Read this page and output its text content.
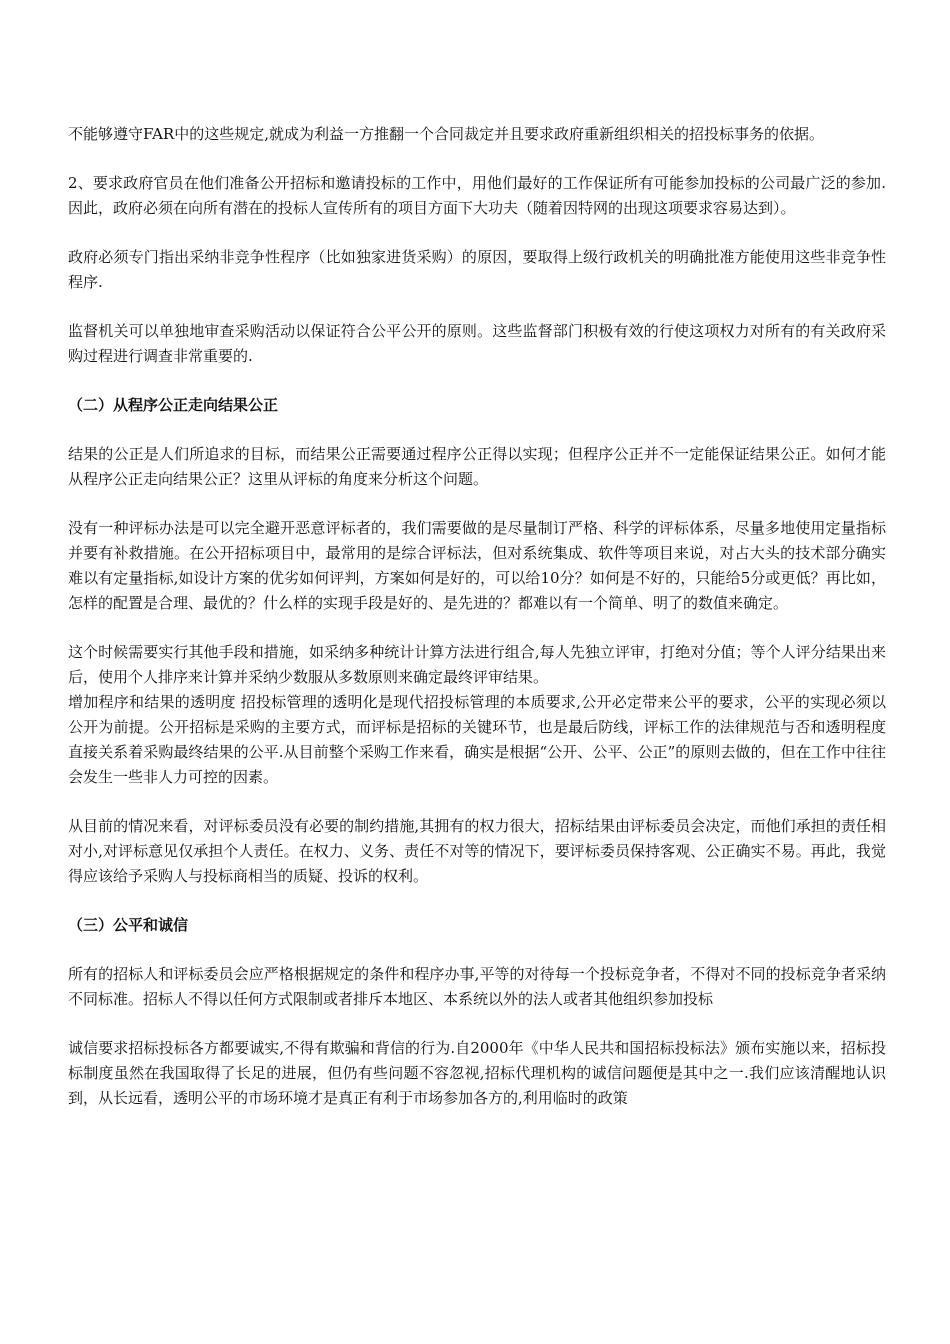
不能够遵守FAR中的这些规定,就成为利益一方推翻一个合同裁定并且要求政府重新组织相关的招投标事务的依据。

2、要求政府官员在他们准备公开招标和邀请投标的工作中，用他们最好的工作保证所有可能参加投标的公司最广泛的参加.因此，政府必须在向所有潜在的投标人宣传所有的项目方面下大功夫（随着因特网的出现这项要求容易达到）。

政府必须专门指出采纳非竞争性程序（比如独家进货采购）的原因，要取得上级行政机关的明确批准方能使用这些非竞争性程序.

监督机关可以单独地审查采购活动以保证符合公平公开的原则。这些监督部门积极有效的行使这项权力对所有的有关政府采购过程进行调查非常重要的.

（二）从程序公正走向结果公正

结果的公正是人们所追求的目标，而结果公正需要通过程序公正得以实现；但程序公正并不一定能保证结果公正。如何才能从程序公正走向结果公正？这里从评标的角度来分析这个问题。

没有一种评标办法是可以完全避开恶意评标者的，我们需要做的是尽量制订严格、科学的评标体系，尽量多地使用定量指标并要有补救措施。在公开招标项目中，最常用的是综合评标法，但对系统集成、软件等项目来说，对占大头的技术部分确实难以有定量指标,如设计方案的优劣如何评判，方案如何是好的，可以给10分？如何是不好的，只能给5分或更低？再比如，怎样的配置是合理、最优的？什么样的实现手段是好的、是先进的？都难以有一个简单、明了的数值来确定。

这个时候需要实行其他手段和措施，如采纳多种统计计算方法进行组合,每人先独立评审，打绝对分值；等个人评分结果出来后，使用个人排序来计算并采纳少数服从多数原则来确定最终评审结果。

增加程序和结果的透明度 招投标管理的透明化是现代招投标管理的本质要求,公开必定带来公平的要求，公平的实现必须以公开为前提。公开招标是采购的主要方式，而评标是招标的关键环节，也是最后防线，评标工作的法律规范与否和透明程度直接关系着采购最终结果的公平.从目前整个采购工作来看，确实是根据“公开、公平、公正”的原则去做的，但在工作中往往会发生一些非人力可控的因素。

从目前的情况来看，对评标委员没有必要的制约措施,其拥有的权力很大，招标结果由评标委员会决定，而他们承担的责任相对小,对评标意见仅承担个人责任。在权力、义务、责任不对等的情况下，要评标委员保持客观、公正确实不易。再此，我觉得应该给予采购人与投标商相当的质疑、投诉的权利。

（三）公平和诚信

所有的招标人和评标委员会应严格根据规定的条件和程序办事,平等的对待每一个投标竞争者，不得对不同的投标竞争者采纳不同标准。招标人不得以任何方式限制或者排斥本地区、本系统以外的法人或者其他组织参加投标

诚信要求招标投标各方都要诚实,不得有欺骗和背信的行为.自2000年《中华人民共和国招标投标法》颁布实施以来，招标投标制度虽然在我国取得了长足的进展，但仍有些问题不容忽视,招标代理机构的诚信问题便是其中之一.我们应该清醒地认识到，从长远看，透明公平的市场环境才是真正有利于市场参加各方的,利用临时的政策
